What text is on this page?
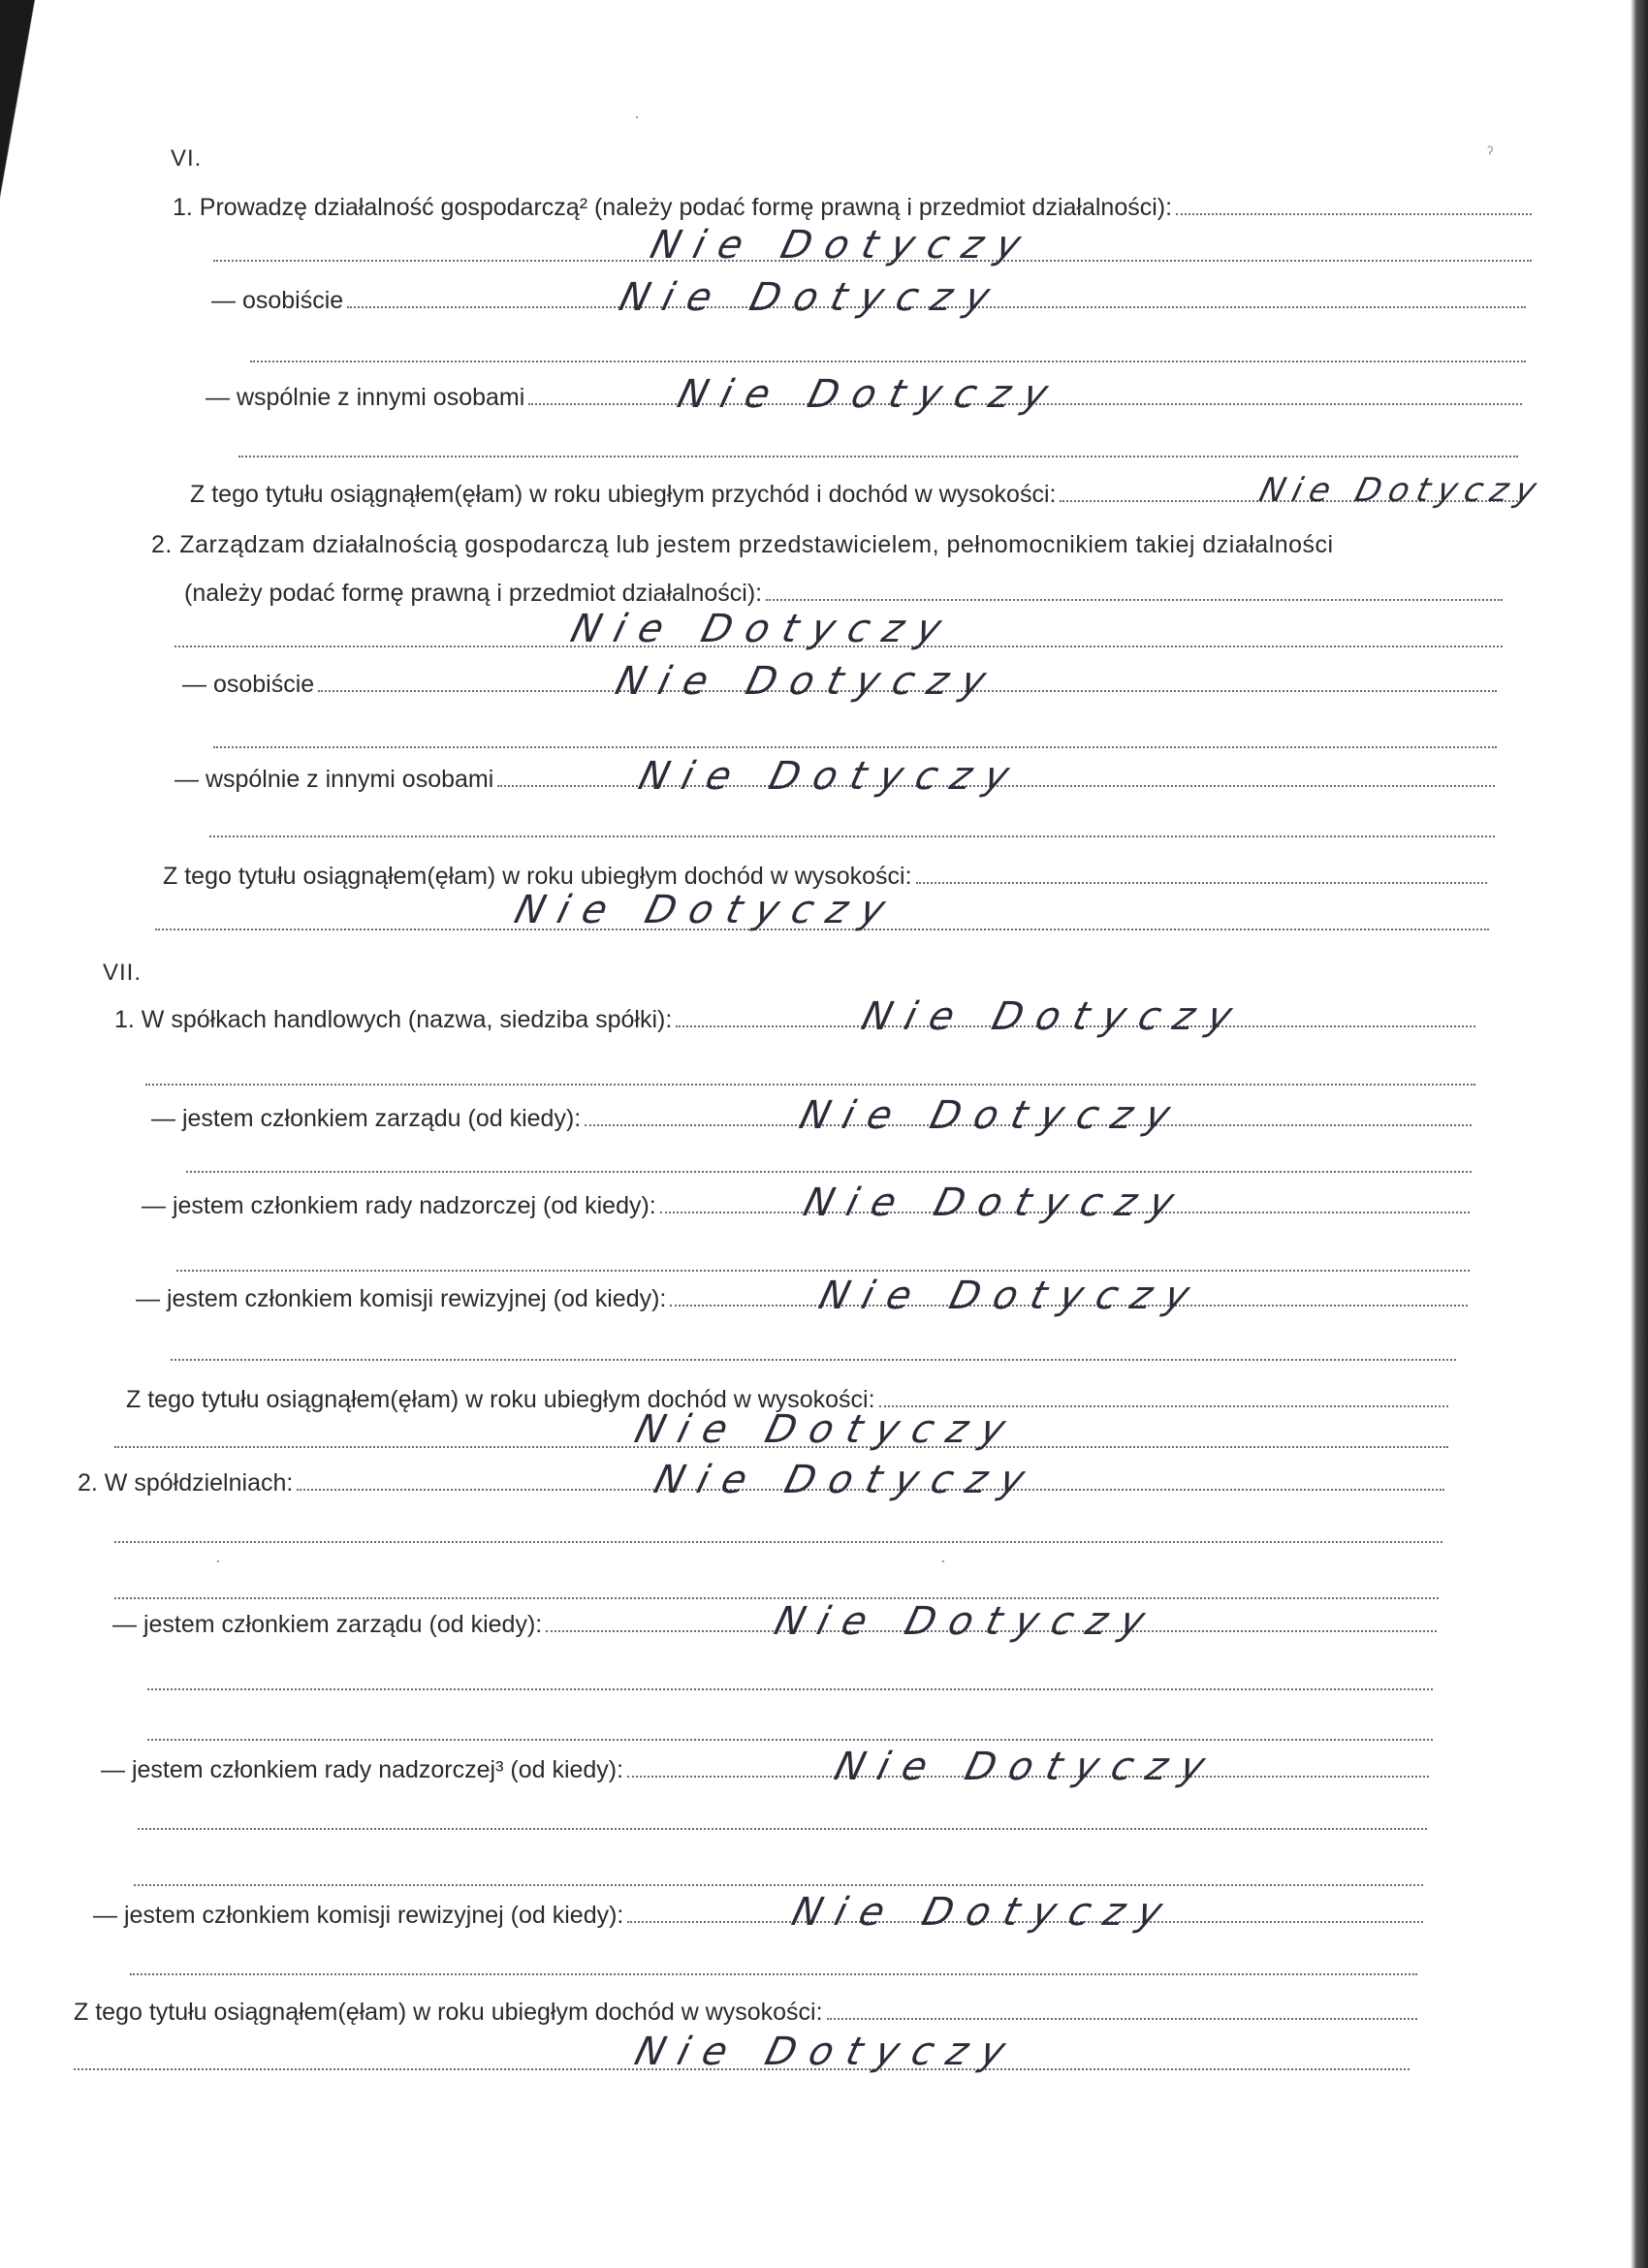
VI.
1. Prowadzę działalność gospodarczą² (należy podać formę prawną i przedmiot działalności):
Nie Dotyczy
— osobiście	Nie Dotyczy
— wspólnie z innymi osobami	Nie Dotyczy
Z tego tytułu osiągnąłem(ęłam) w roku ubiegłym przychód i dochód w wysokości:	Nie Dotyczy
2. Zarządzam działalnością gospodarczą lub jestem przedstawicielem, pełnomocnikiem takiej działalności
(należy podać formę prawną i przedmiot działalności):
Nie Dotyczy
— osobiście	Nie Dotyczy
— wspólnie z innymi osobami	Nie Dotyczy
Z tego tytułu osiągnąłem(ęłam) w roku ubiegłym dochód w wysokości:
Nie Dotyczy
VII.
1. W spółkach handlowych (nazwa, siedziba spółki):	Nie Dotyczy
— jestem członkiem zarządu (od kiedy):	Nie Dotyczy
— jestem członkiem rady nadzorczej (od kiedy):	Nie Dotyczy
— jestem członkiem komisji rewizyjnej (od kiedy):	Nie Dotyczy
Z tego tytułu osiągnąłem(ęłam) w roku ubiegłym dochód w wysokości:
Nie Dotyczy
2. W spółdzielniach:	Nie Dotyczy
— jestem członkiem zarządu (od kiedy):	Nie Dotyczy
— jestem członkiem rady nadzorczej³ (od kiedy):	Nie Dotyczy
— jestem członkiem komisji rewizyjnej (od kiedy):	Nie Dotyczy
Z tego tytułu osiągnąłem(ęłam) w roku ubiegłym dochód w wysokości:
Nie Dotyczy
ˀ
·
·	·
